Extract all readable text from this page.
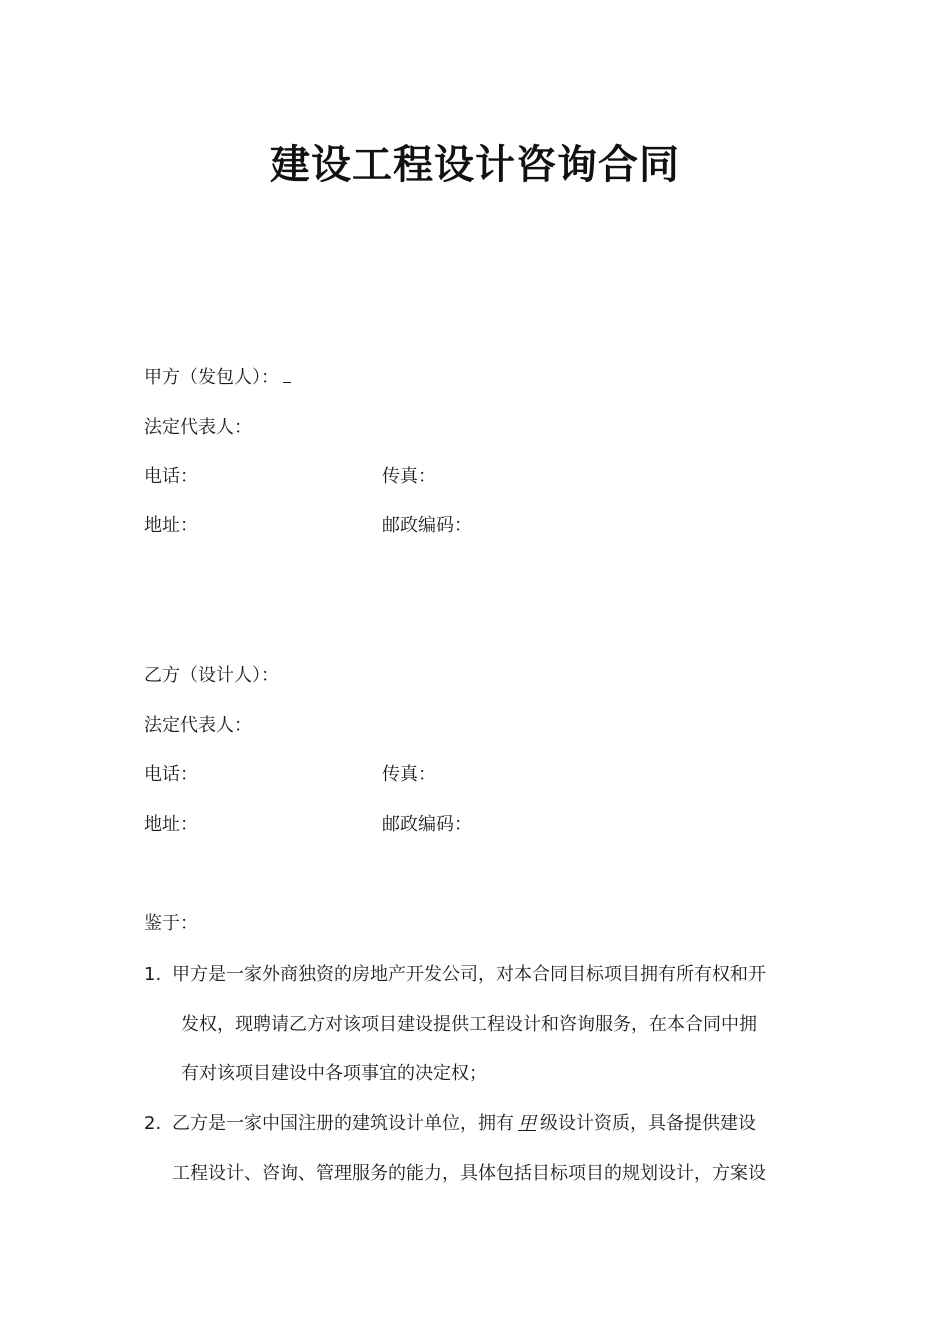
建设工程设计咨询合同
甲方（发包人）：
法定代表人：
电话：	传真：
地址：	邮政编码：
乙方（设计人）：
法定代表人：
电话：	传真：
地址：	邮政编码：
鉴于：
1. 甲方是一家外商独资的房地产开发公司，对本合同目标项目拥有所有权和开
发权，现聘请乙方对该项目建设提供工程设计和咨询服务，在本合同中拥
有对该项目建设中各项事宜的决定权；
2. 乙方是一家中国注册的建筑设计单位，拥有 甲 级设计资质，具备提供建设
工程设计、咨询、管理服务的能力，具体包括目标项目的规划设计，方案设
